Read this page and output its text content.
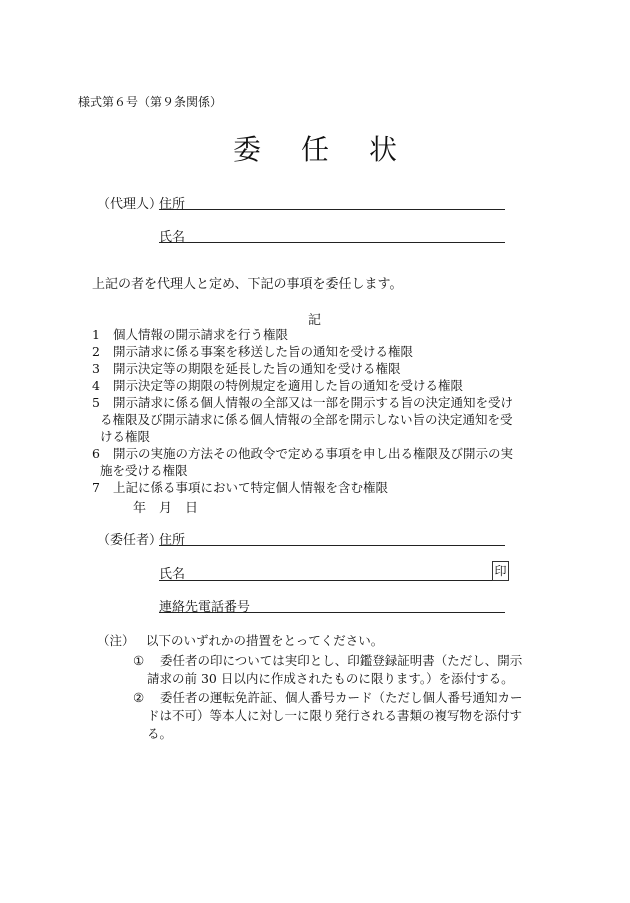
様式第６号（第９条関係）
委 任 状
（代理人）
住所
氏名
上記の者を代理人と定め、下記の事項を委任します。
記
1 個人情報の開示請求を行う権限
2 開示請求に係る事案を移送した旨の通知を受ける権限
3 開示決定等の期限を延長した旨の通知を受ける権限
4 開示決定等の期限の特例規定を適用した旨の通知を受ける権限
5 開示請求に係る個人情報の全部又は一部を開示する旨の決定通知を受け
る権限及び開示請求に係る個人情報の全部を開示しない旨の決定通知を受
ける権限
6 開示の実施の方法その他政令で定める事項を申し出る権限及び開示の実
施を受ける権限
7 上記に係る事項において特定個人情報を含む権限
年 月 日
（委任者）
住所
氏名	印
連絡先電話番号
（注） 以下のいずれかの措置をとってください。
① 委任者の印については実印とし、印鑑登録証明書（ただし、開示
請求の前 30 日以内に作成されたものに限ります。）を添付する。
② 委任者の運転免許証、個人番号カード（ただし個人番号通知カー
ドは不可）等本人に対し一に限り発行される書類の複写物を添付す
る。
